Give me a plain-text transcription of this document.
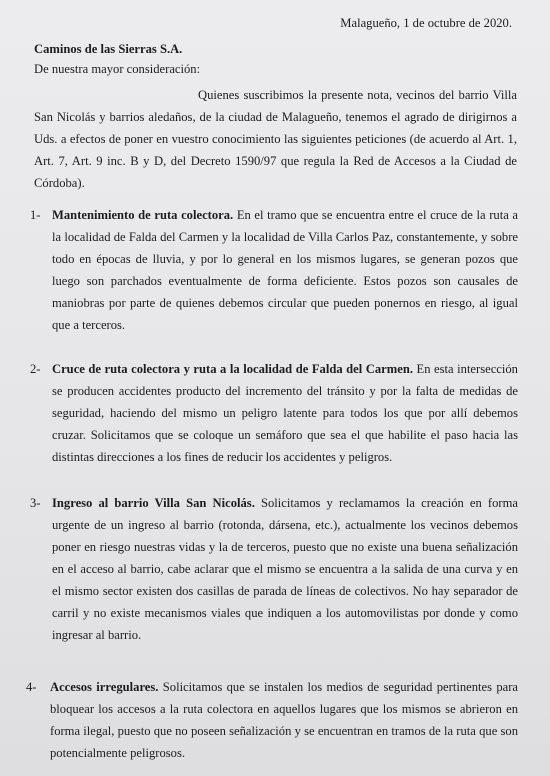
Malagueño, 1 de octubre de 2020.
Caminos de las Sierras S.A.
De nuestra mayor consideración:
Quienes suscribimos la presente nota, vecinos del barrio Villa San Nicolás y barrios aledaños, de la ciudad de Malagueño, tenemos el agrado de dirigirnos a Uds. a efectos de poner en vuestro conocimiento las siguientes peticiones (de acuerdo al Art. 1, Art. 7, Art. 9 inc. B y D, del Decreto 1590/97 que regula la Red de Accesos a la Ciudad de Córdoba).
1- Mantenimiento de ruta colectora. En el tramo que se encuentra entre el cruce de la ruta a la localidad de Falda del Carmen y la localidad de Villa Carlos Paz, constantemente, y sobre todo en épocas de lluvia, y por lo general en los mismos lugares, se generan pozos que luego son parchados eventualmente de forma deficiente. Estos pozos son causales de maniobras por parte de quienes debemos circular que pueden ponernos en riesgo, al igual que a terceros.
2- Cruce de ruta colectora y ruta a la localidad de Falda del Carmen. En esta intersección se producen accidentes producto del incremento del tránsito y por la falta de medidas de seguridad, haciendo del mismo un peligro latente para todos los que por allí debemos cruzar. Solicitamos que se coloque un semáforo que sea el que habilite el paso hacia las distintas direcciones a los fines de reducir los accidentes y peligros.
3- Ingreso al barrio Villa San Nicolás. Solicitamos y reclamamos la creación en forma urgente de un ingreso al barrio (rotonda, dársena, etc.), actualmente los vecinos debemos poner en riesgo nuestras vidas y la de terceros, puesto que no existe una buena señalización en el acceso al barrio, cabe aclarar que el mismo se encuentra a la salida de una curva y en el mismo sector existen dos casillas de parada de líneas de colectivos. No hay separador de carril y no existe mecanismos viales que indiquen a los automovilistas por donde y como ingresar al barrio.
4- Accesos irregulares. Solicitamos que se instalen los medios de seguridad pertinentes para bloquear los accesos a la ruta colectora en aquellos lugares que los mismos se abrieron en forma ilegal, puesto que no poseen señalización y se encuentran en tramos de la ruta que son potencialmente peligrosos.
